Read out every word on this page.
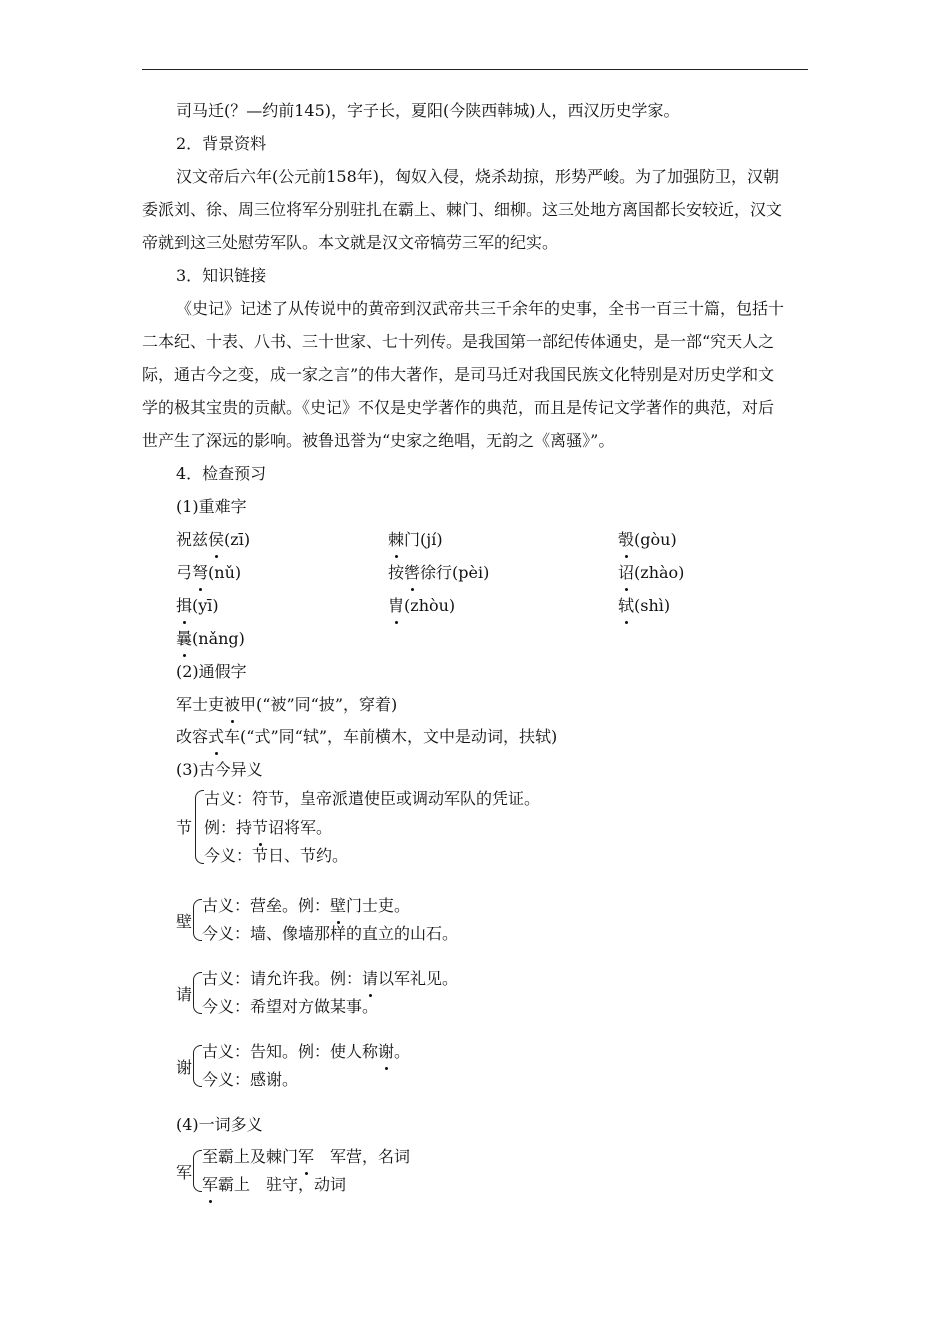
司马迁(？—约前145)，字子长，夏阳(今陕西韩城)人，西汉历史学家。
2．背景资料
汉文帝后六年(公元前158年)，匈奴入侵，烧杀劫掠，形势严峻。为了加强防卫，汉朝
委派刘、徐、周三位将军分别驻扎在霸上、棘门、细柳。这三处地方离国都长安较近，汉文
帝就到这三处慰劳军队。本文就是汉文帝犒劳三军的纪实。
3．知识链接
《史记》记述了从传说中的黄帝到汉武帝共三千余年的史事，全书一百三十篇，包括十
二本纪、十表、八书、三十世家、七十列传。是我国第一部纪传体通史，是一部“究天人之
际，通古今之变，成一家之言”的伟大著作，是司马迁对我国民族文化特别是对历史学和文
学的极其宝贵的贡献。《史记》不仅是史学著作的典范，而且是传记文学著作的典范，对后
世产生了深远的影响。被鲁迅誉为“史家之绝唱，无韵之《离骚》”。
4．检查预习
(1)重难字
祝兹侯(zī)	棘门(jí)	彀(gòu)
弓弩(nǔ)	按辔徐行(pèi)	诏(zhào)
揖(yī)	胄(zhòu)	轼(shì)
曩(nǎng)
(2)通假字
军士吏被甲(“被”同“披”，穿着)
改容式车(“式”同“轼”，车前横木，文中是动词，扶轼)
(3)古今异义
节
古义：符节，皇帝派遣使臣或调动军队的凭证。
例：持节诏将军。
今义：节日、节约。
壁
古义：营垒。例：壁门士吏。
今义：墙、像墙那样的直立的山石。
请
古义：请允许我。例：请以军礼见。
今义：希望对方做某事。
谢
古义：告知。例：使人称谢。
今义：感谢。
(4)一词多义
军
至霸上及棘门军　军营，名词
军霸上　驻守，动词
